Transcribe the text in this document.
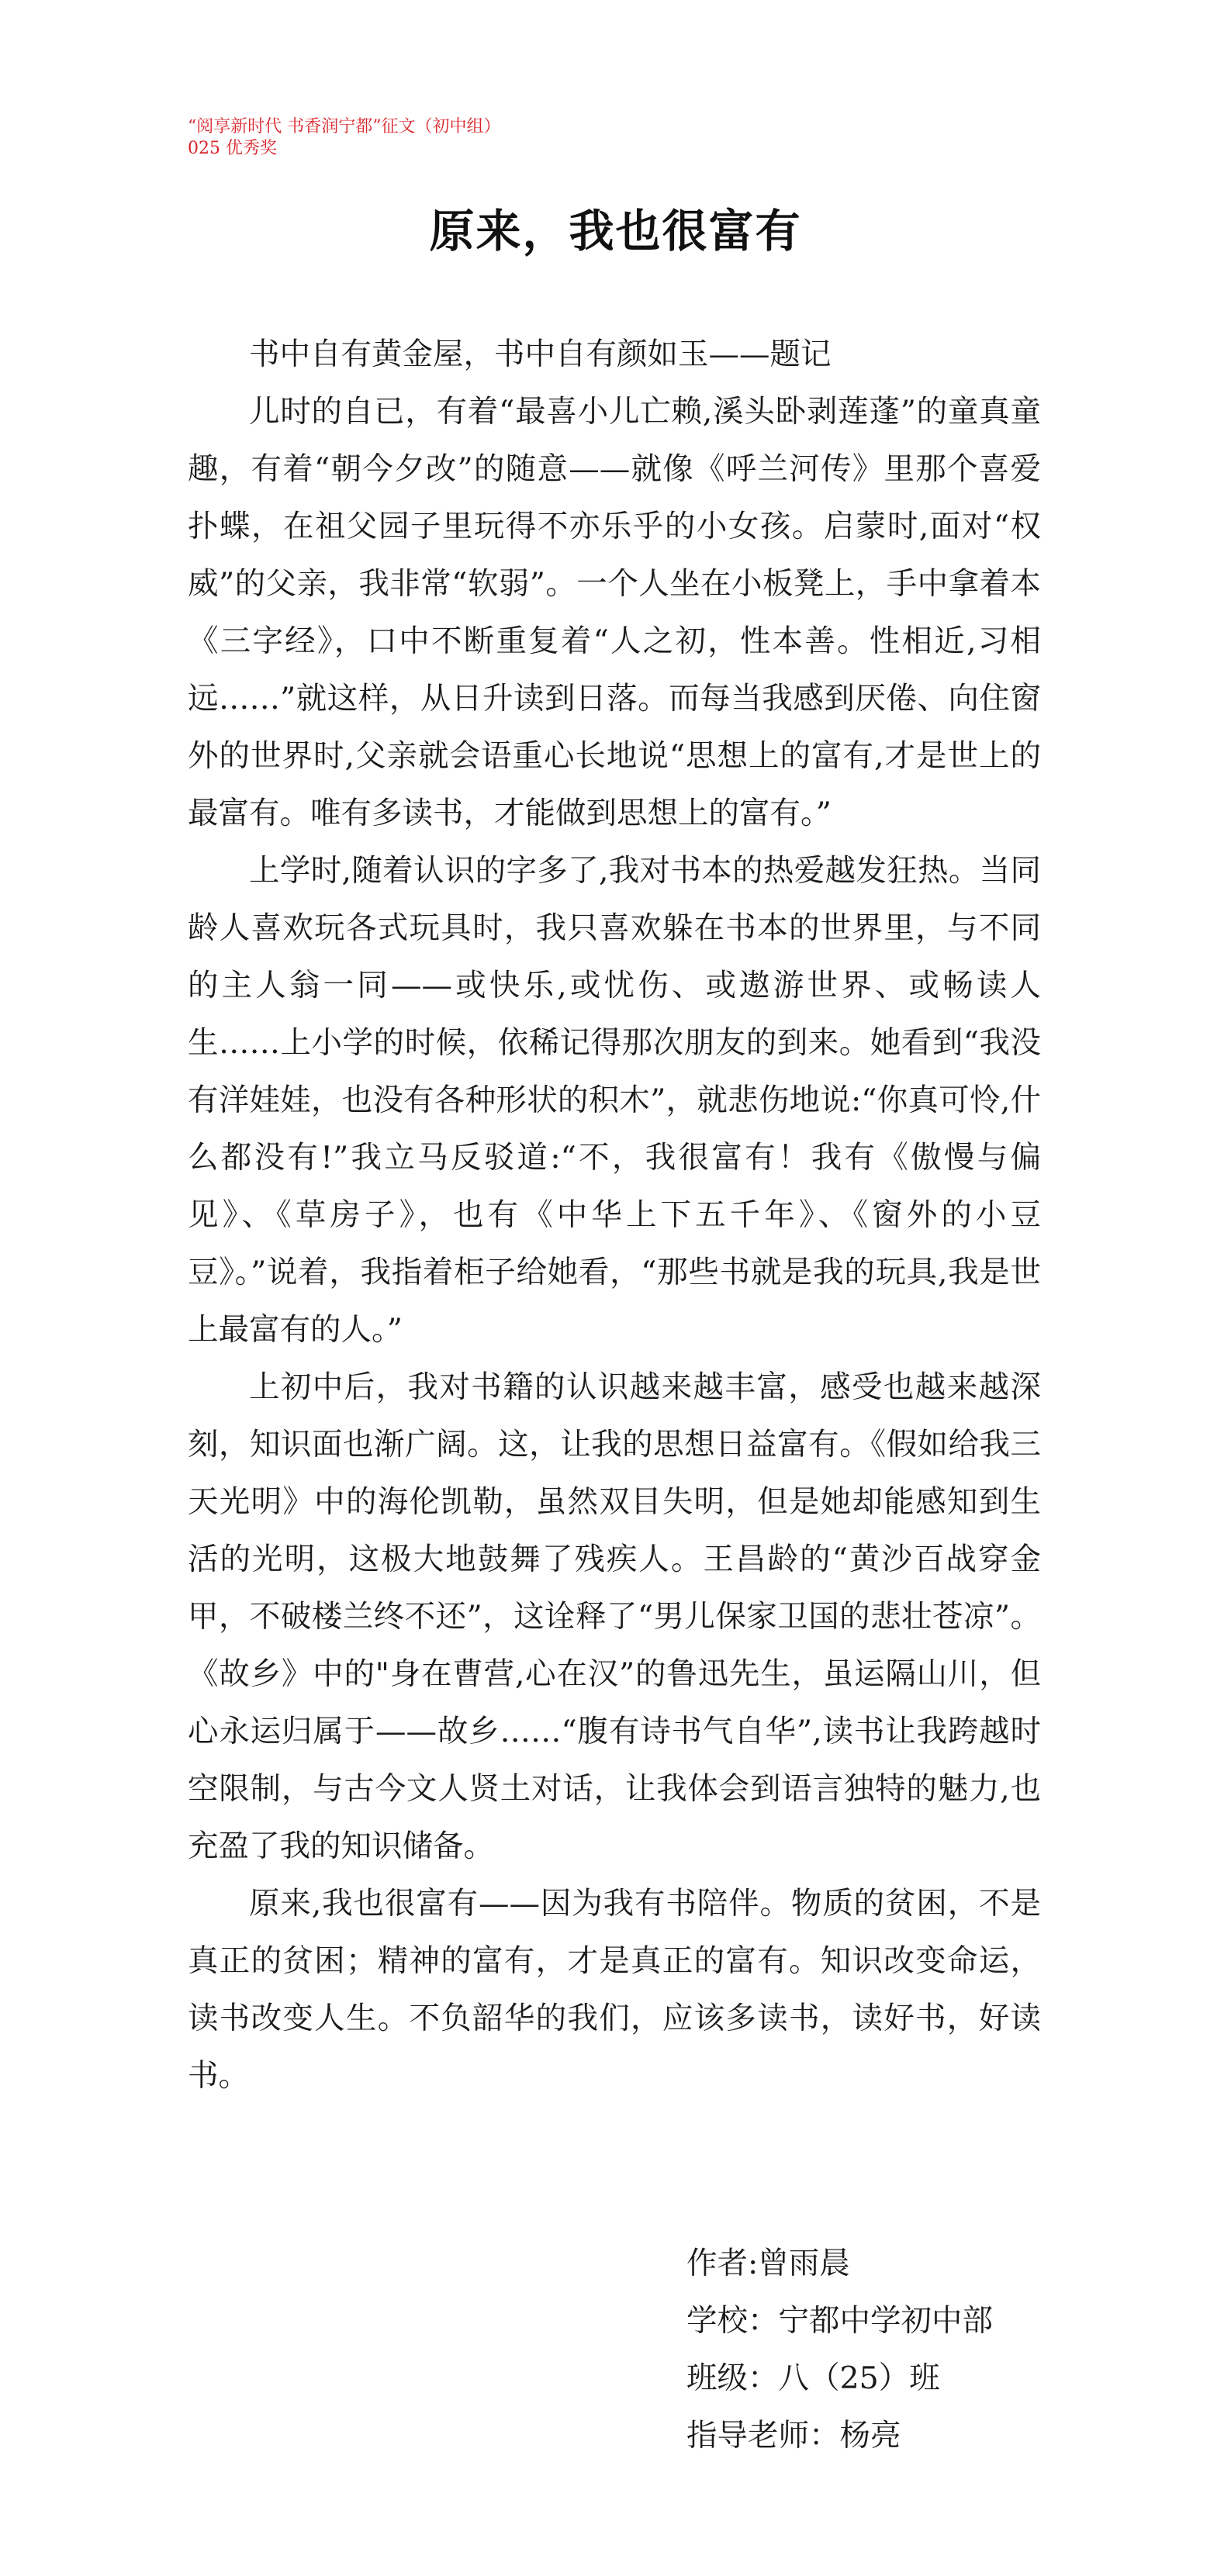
“阅享新时代 书香润宁都”征文（初中组）
025 优秀奖
原来，我也很富有

书中自有黄金屋，书中自有颜如玉——题记

儿时的自已，有着“最喜小儿亡赖,溪头卧剥莲蓬”的童真童趣，有着“朝今夕改”的随意——就像《呼兰河传》里那个喜爱扑蝶，在祖父园子里玩得不亦乐乎的小女孩。启蒙时,面对“权威”的父亲，我非常“软弱”。一个人坐在小板凳上，手中拿着本《三字经》，口中不断重复着“人之初，性本善。性相近,习相远……”就这样，从日升读到日落。而每当我感到厌倦、向住窗外的世界时,父亲就会语重心长地说“思想上的富有,才是世上的最富有。唯有多读书，才能做到思想上的富有。”

上学时,随着认识的字多了,我对书本的热爱越发狂热。当同龄人喜欢玩各式玩具时，我只喜欢躲在书本的世界里，与不同的主人翁一同——或快乐,或忧伤、或遨游世界、或畅读人生……上小学的时候，依稀记得那次朋友的到来。她看到“我没有洋娃娃，也没有各种形状的积木”，就悲伤地说:“你真可怜,什么都没有!”我立马反驳道:“不，我很富有！我有《傲慢与偏见》、《草房子》，也有《中华上下五千年》、《窗外的小豆豆》。”说着，我指着柜子给她看，“那些书就是我的玩具,我是世上最富有的人。”

上初中后，我对书籍的认识越来越丰富，感受也越来越深刻，知识面也渐广阔。这，让我的思想日益富有。《假如给我三天光明》中的海伦凯勒，虽然双目失明，但是她却能感知到生活的光明，这极大地鼓舞了残疾人。王昌龄的“黄沙百战穿金甲，不破楼兰终不还”，这诠释了“男儿保家卫国的悲壮苍凉”。《故乡》中的"身在曹营,心在汉”的鲁迅先生，虽运隔山川，但心永运归属于——故乡……“腹有诗书气自华”,读书让我跨越时空限制，与古今文人贤土对话，让我体会到语言独特的魅力,也充盈了我的知识储备。

原来,我也很富有——因为我有书陪伴。物质的贫困，不是真正的贫困；精神的富有，才是真正的富有。知识改变命运，读书改变人生。不负韶华的我们，应该多读书，读好书，好读书。

作者:曾雨晨
学校：宁都中学初中部
班级：八（25）班
指导老师：杨亮
